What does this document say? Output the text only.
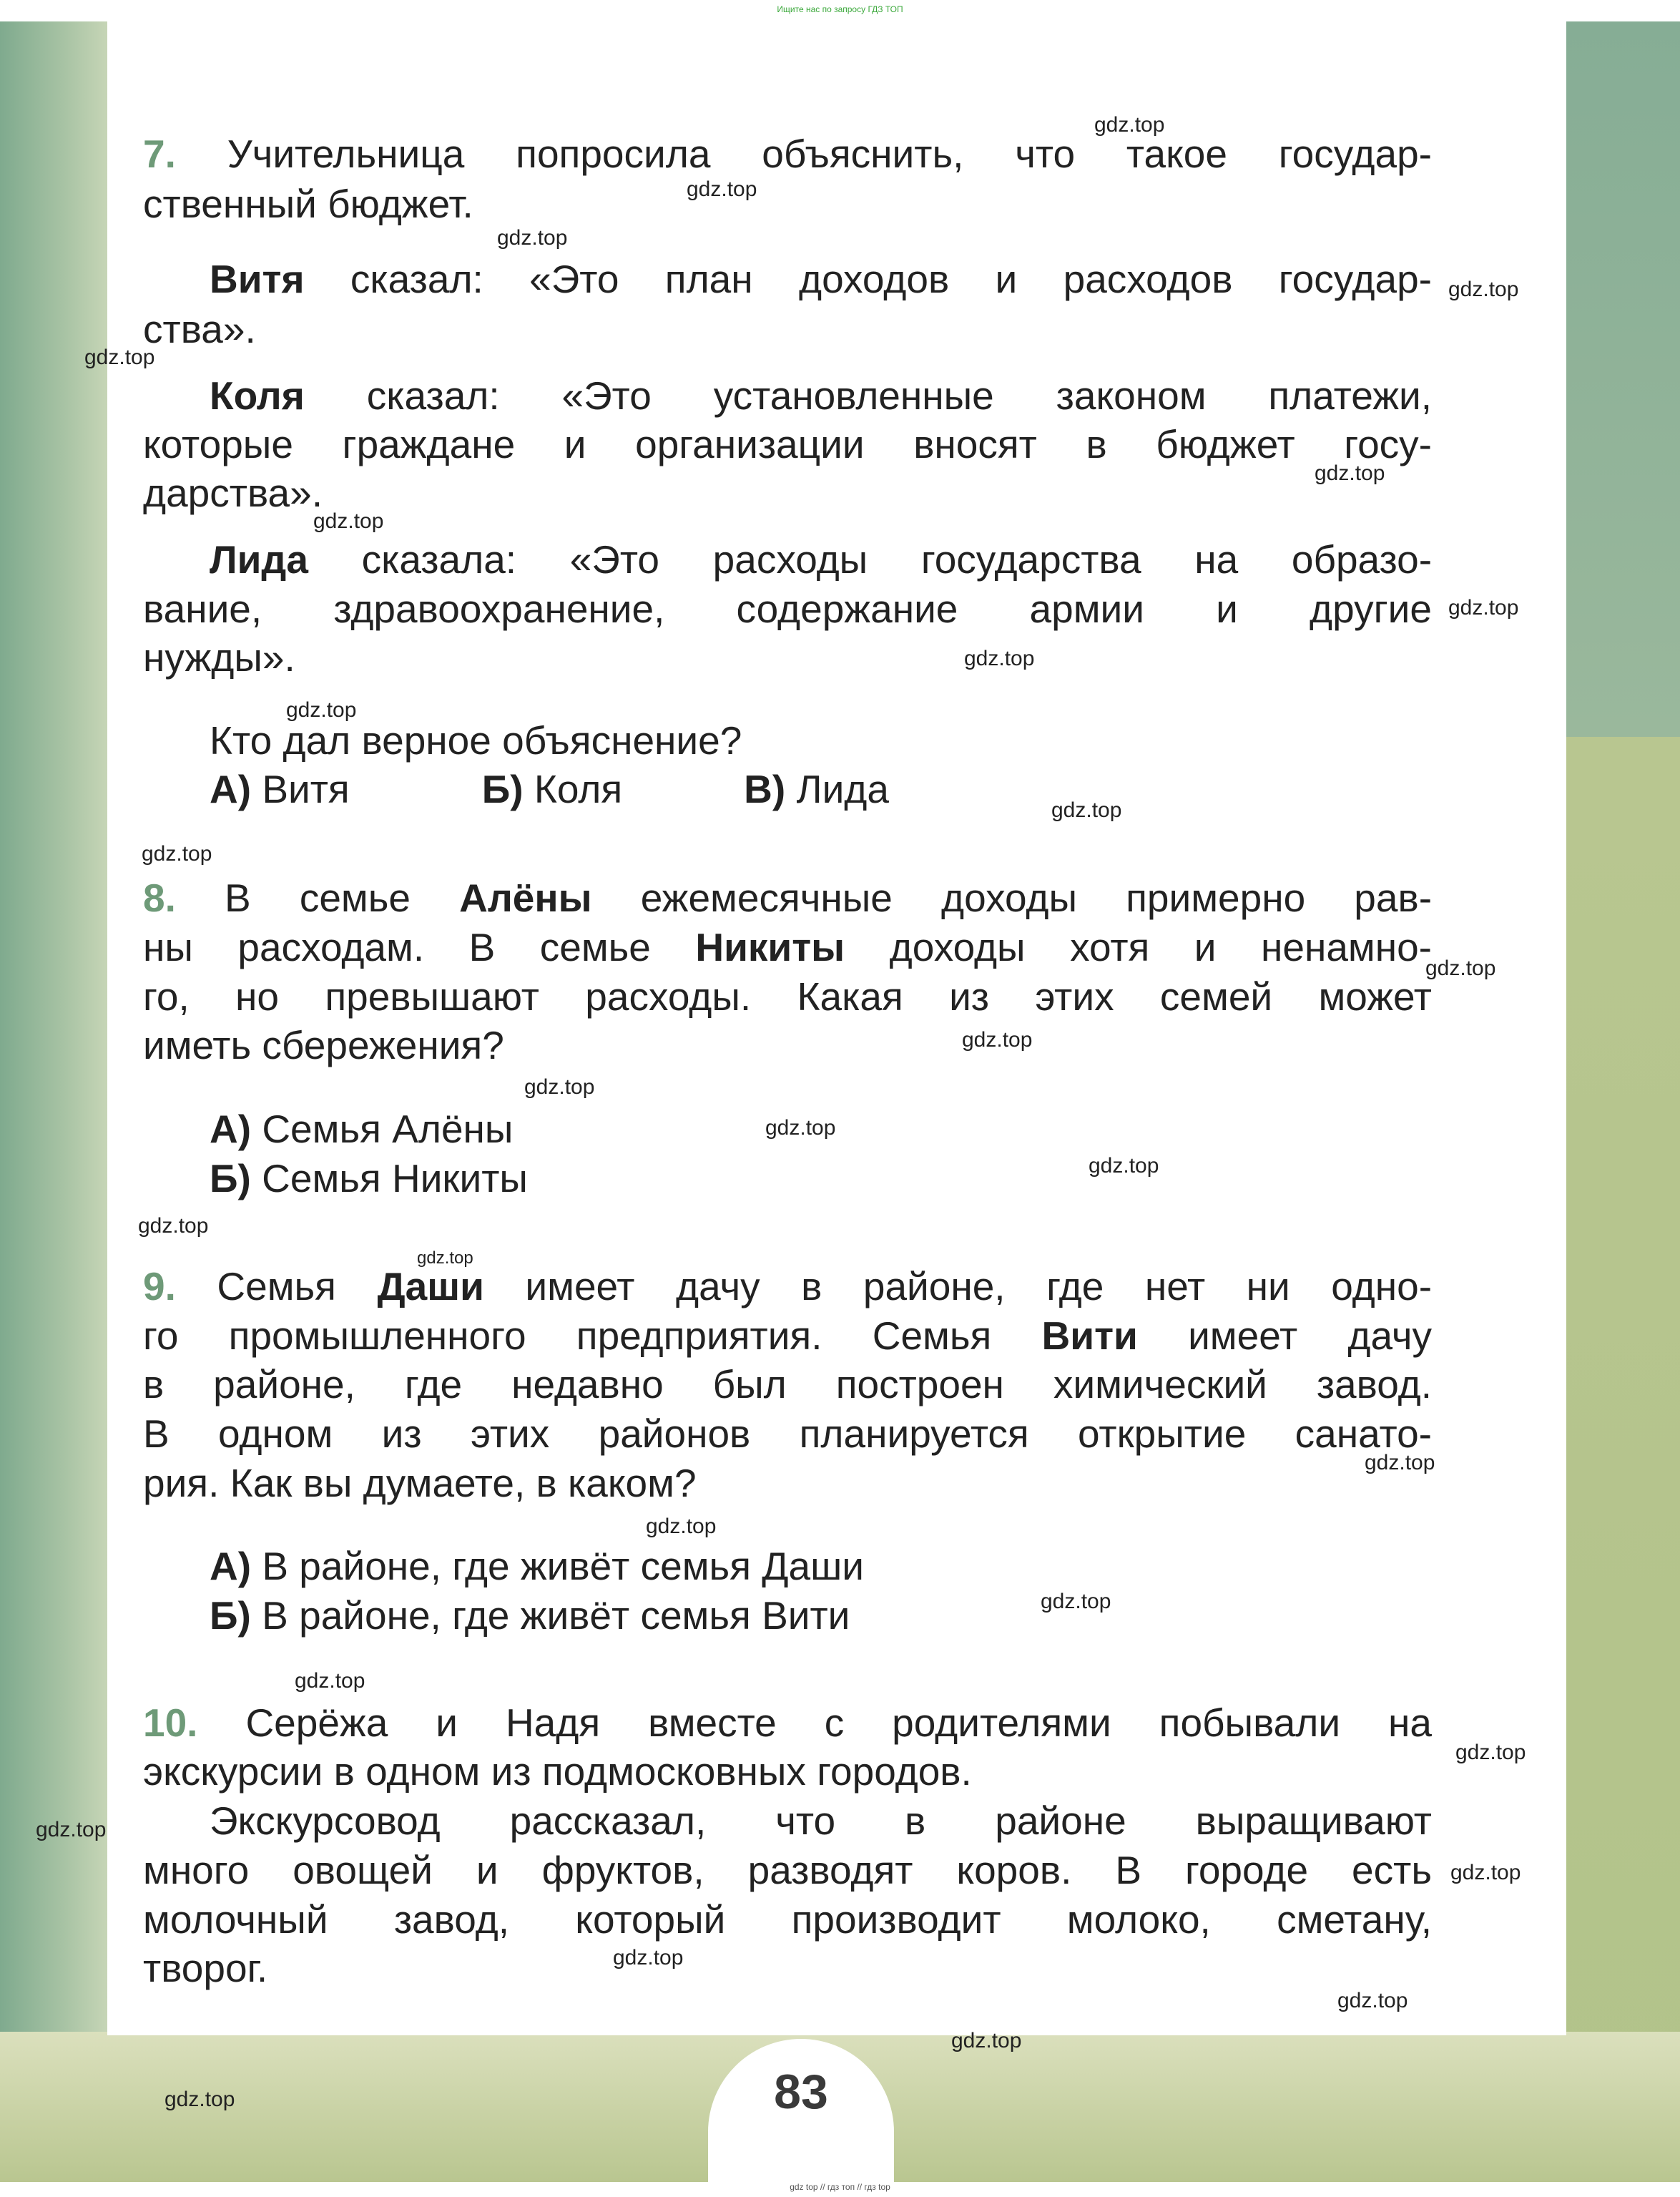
Ищите нас по запросу ГДЗ ТОП

7. Учительница попросила объяснить, что такое государ-

ственный бюджет.

Витя сказал: «Это план доходов и расходов государ-

ства».

Коля сказал: «Это установленные законом платежи,

которые граждане и организации вносят в бюджет госу-

дарства».

Лида сказала: «Это расходы государства на образо-

вание, здравоохранение, содержание армии и другие

нужды».

Кто дал верное объяснение?

А) Витя	Б) Коля	В) Лида

8. В семье Алёны ежемесячные доходы примерно рав-

ны расходам. В семье Никиты доходы хотя и ненамно-

го, но превышают расходы. Какая из этих семей может

иметь сбережения?

А) Семья Алёны

Б) Семья Никиты

9. Семья Даши имеет дачу в районе, где нет ни одно-

го промышленного предприятия. Семья Вити имеет дачу

в районе, где недавно был построен химический завод.

В одном из этих районов планируется открытие санато-

рия. Как вы думаете, в каком?

А) В районе, где живёт семья Даши

Б) В районе, где живёт семья Вити

10. Серёжа и Надя вместе с родителями побывали на

экскурсии в одном из подмосковных городов.

Экскурсовод рассказал, что в районе выращивают

много овощей и фруктов, разводят коров. В городе есть

молочный завод, который производит молоко, сметану,

творог.

83
gdz.top
gdz.top
gdz.top
gdz.top
gdz.top
gdz.top
gdz.top
gdz.top
gdz.top
gdz.top
gdz.top
gdz.top
gdz.top
gdz.top
gdz.top
gdz.top
gdz.top
gdz.top
gdz.top
gdz.top
gdz.top
gdz.top
gdz.top
gdz.top
gdz.top
gdz.top
gdz.top
gdz.top
gdz.top
gdz.top
gdz top // гдз топ // гдз top
